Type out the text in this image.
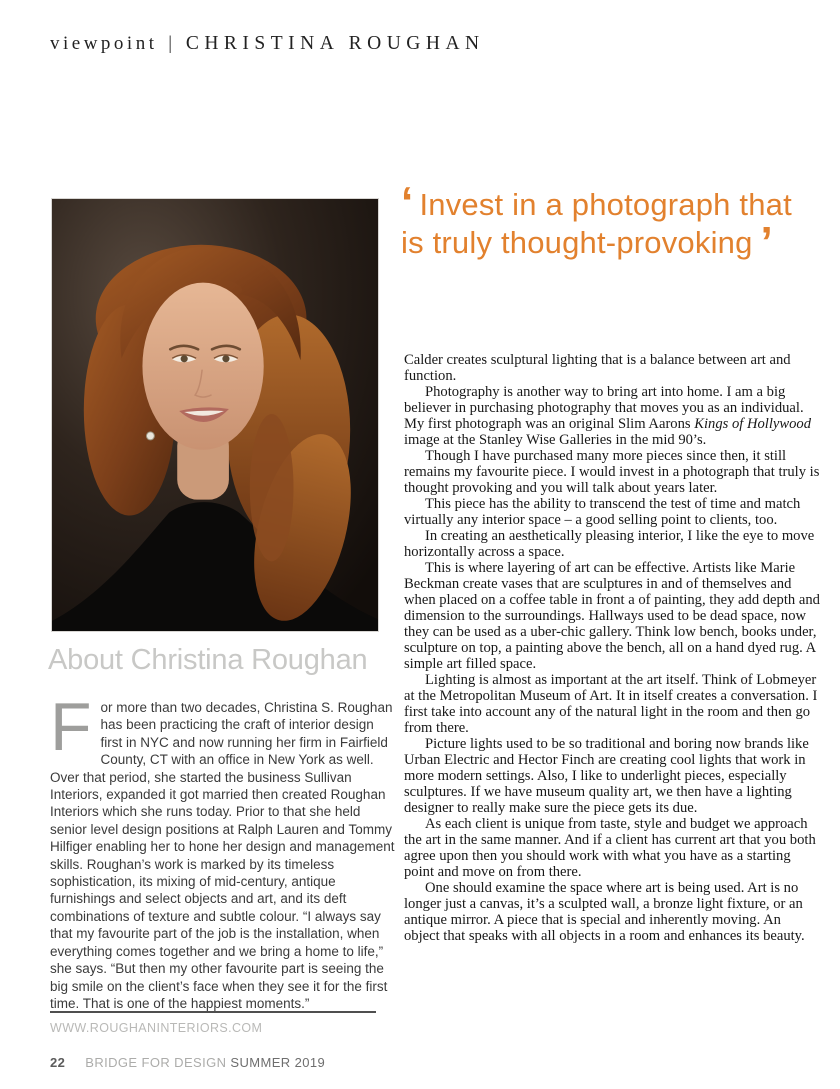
viewpoint | CHRISTINA ROUGHAN
‘ Invest in a photograph that
is truly thought-provoking ’

Calder creates sculptural lighting that is a balance between art and function.

Photography is another way to bring art into home. I am a big believer in purchasing photography that moves you as an individual. My first photograph was an original Slim Aarons Kings of Hollywood image at the Stanley Wise Galleries in the mid 90’s.

Though I have purchased many more pieces since then, it still remains my favourite piece. I would invest in a photograph that truly is thought provoking and you will talk about years later.

This piece has the ability to transcend the test of time and match virtually any interior space – a good selling point to clients, too.

In creating an aesthetically pleasing interior, I like the eye to move horizontally across a space.

This is where layering of art can be effective. Artists like Marie Beckman create vases that are sculptures in and of themselves and when placed on a coffee table in front a of painting, they add depth and dimension to the surroundings. Hallways used to be dead space, now they can be used as a uber-chic gallery. Think low bench, books under, sculpture on top, a painting above the bench, all on a hand dyed rug. A simple art filled space.

Lighting is almost as important at the art itself. Think of Lobmeyer at the Metropolitan Museum of Art. It in itself creates a conversation. I first take into account any of the natural light in the room and then go from there.

Picture lights used to be so traditional and boring now brands like Urban Electric and Hector Finch are creating cool lights that work in more modern settings. Also, I like to underlight pieces, especially sculptures. If we have museum quality art, we then have a lighting designer to really make sure the piece gets its due.

As each client is unique from taste, style and budget we approach the art in the same manner. And if a client has current art that you both agree upon then you should work with what you have as a starting point and move on from there.

One should examine the space where art is being used. Art is no longer just a canvas, it’s a sculpted wall, a bronze light fixture, or an antique mirror. A piece that is special and inherently moving. An object that speaks with all objects in a room and enhances its beauty.

About Christina Roughan

For more than two decades, Christina S. Roughan has been practicing the craft of interior design first in NYC and now running her firm in Fairfield County, CT with an office in New York as well. Over that period, she started the business Sullivan Interiors, expanded it got married then created Roughan Interiors which she runs today. Prior to that she held senior level design positions at Ralph Lauren and Tommy Hilfiger enabling her to hone her design and management skills. Roughan’s work is marked by its timeless sophistication, its mixing of mid-century, antique furnishings and select objects and art, and its deft combinations of texture and subtle colour. “I always say that my favourite part of the job is the installation, when everything comes together and we bring a home to life,” she says. “But then my other favourite part is seeing the big smile on the client’s face when they see it for the first time. That is one of the happiest moments.”

WWW.ROUGHANINTERIORS.COM
22 BRIDGE FOR DESIGN SUMMER 2019
